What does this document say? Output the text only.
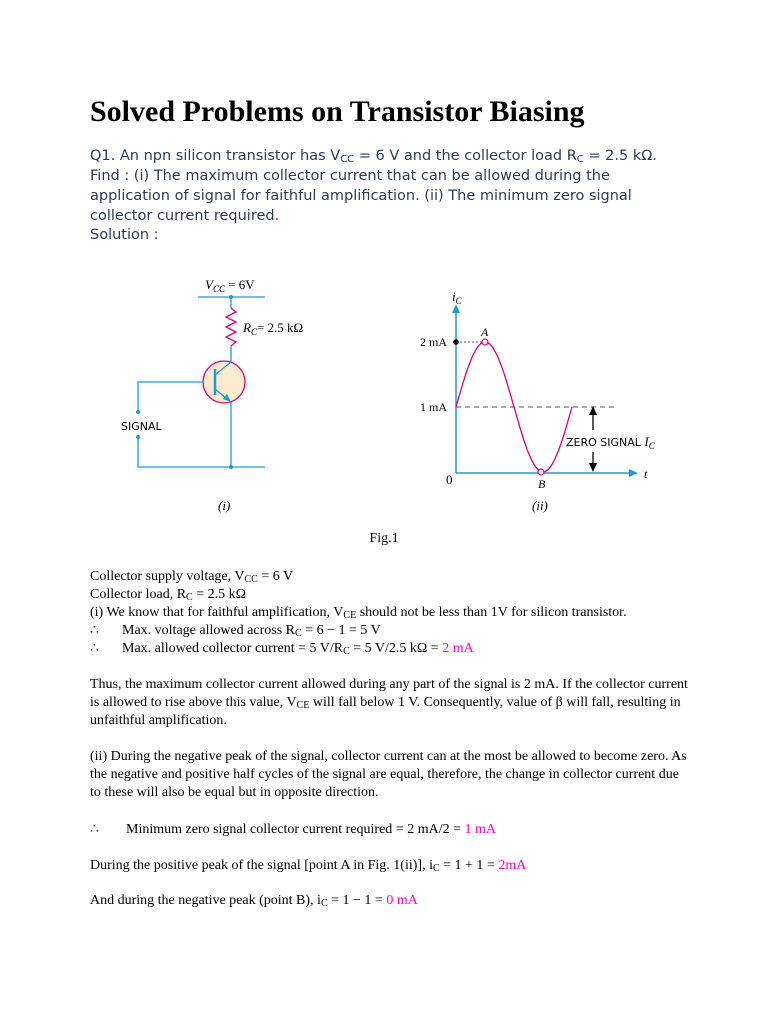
Solved Problems on Transistor Biasing
Q1. An npn silicon transistor has $V_{CC} = 6$ V and the collector load $R_C = 2.5$ kΩ. Find : (i) The maximum collector current that can be allowed during the application of signal for faithful amplification. (ii) The minimum zero signal collector current required.
Solution :
$V_{CC} = 6V$
$R_C= 2.5$ kΩ
SIGNAL
(i)
$i_C$
t
0
2 mA
1 mA
A
B
ZERO SIGNAL $I_C$
(ii)
Fig.1
Collector supply voltage, $V_{CC} = 6$ V
Collector load, $R_C = 2.5$ kΩ
(i) We know that for faithful amplification, $V_{CE}$ should not be less than 1V for silicon transistor.
∴ Max. voltage allowed across $R_C = 6 - 1 = 5$ V
∴ Max. allowed collector current = 5 $V/R_C = 5$ V/2.5 kΩ = 2 mA
Thus, the maximum collector current allowed during any part of the signal is 2 mA. If the collector current is allowed to rise above this value, $V_{CE}$ will fall below 1 V. Consequently, value of β will fall, resulting in unfaithful amplification.
(ii) During the negative peak of the signal, collector current can at the most be allowed to become zero. As the negative and positive half cycles of the signal are equal, therefore, the change in collector current due to these will also be equal but in opposite direction.
∴ Minimum zero signal collector current required = 2 mA/2 = 1 mA
During the positive peak of the signal [point A in Fig. 1(ii)], $i_C = 1 + 1 = 2mA$
And during the negative peak (point B), $i_C = 1 - 1 = 0$ mA
